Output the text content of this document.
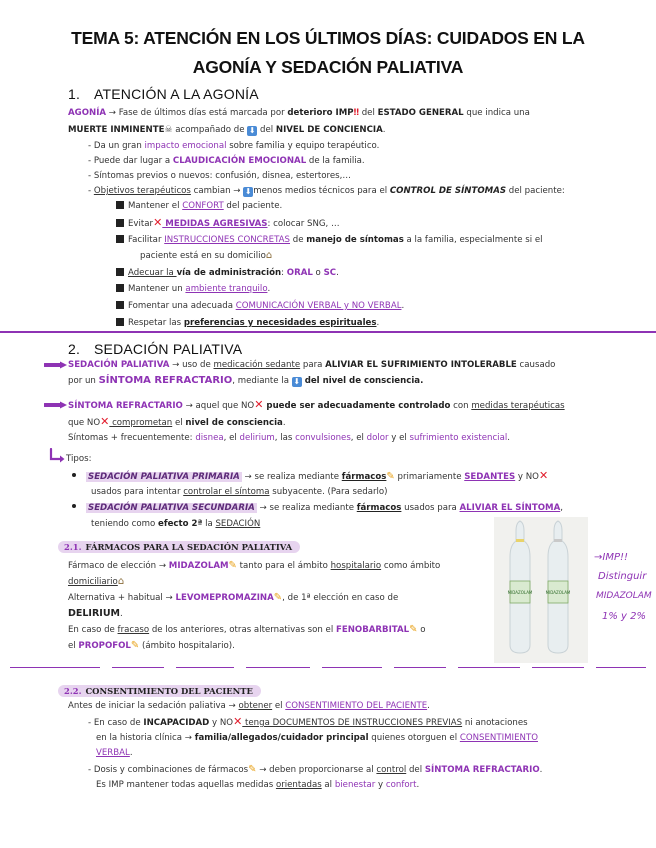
TEMA 5: ATENCIÓN EN LOS ÚLTIMOS DÍAS: CUIDADOS EN LA
AGONÍA Y SEDACIÓN PALIATIVA
1. ATENCIÓN A LA AGONÍA
AGONÍA → Fase de últimos días está marcada por deterioro IMP‼ del ESTADO GENERAL que indica una
MUERTE INMINENTE☠ acompañado de ⬇ del NIVEL DE CONCIENCIA.
- Da un gran impacto emocional sobre familia y equipo terapéutico.
- Puede dar lugar a CLAUDICACIÓN EMOCIONAL de la familia.
- Síntomas previos o nuevos: confusión, disnea, estertores,…
- Objetivos terapéuticos cambian → ⬇ menos medios técnicos para el CONTROL DE SÍNTOMAS del paciente:
Mantener el CONFORT del paciente.
Evitar✕ MEDIDAS AGRESIVAS: colocar SNG, …
Facilitar INSTRUCCIONES CONCRETAS de manejo de síntomas a la familia, especialmente si el
paciente está en su domicilio⌂
Adecuar la vía de administración: ORAL o SC.
Mantener un ambiente tranquilo.
Fomentar una adecuada COMUNICACIÓN VERBAL y NO VERBAL.
Respetar las preferencias y necesidades espirituales.
2. SEDACIÓN PALIATIVA
SEDACIÓN PALIATIVA → uso de medicación sedante para ALIVIAR EL SUFRIMIENTO INTOLERABLE causado
por un SÍNTOMA REFRACTARIO, mediante la ⬇ del nivel de consciencia.
SÍNTOMA REFRACTARIO → aquel que NO✕ puede ser adecuadamente controlado con medidas terapéuticas
que NO✕ comprometan el nivel de consciencia.
Síntomas + frecuentemente: disnea, el delirium, las convulsiones, el dolor y el sufrimiento existencial.
Tipos:
SEDACIÓN PALIATIVA PRIMARIA → se realiza mediante fármacos✎ primariamente SEDANTES y NO✕
usados para intentar controlar el síntoma subyacente. (Para sedarlo)
SEDACIÓN PALIATIVA SECUNDARIA → se realiza mediante fármacos usados para ALIVIAR EL SÍNTOMA,
teniendo como efecto 2ª la SEDACIÓN
2.1. FÁRMACOS PARA LA SEDACIÓN PALIATIVA
Fármaco de elección → MIDAZOLAM✎ tanto para el ámbito hospitalario como ámbito
domiciliario⌂
Alternativa + habitual → LEVOMEPROMAZINA✎, de 1ª elección en caso de
DELIRIUM.
En caso de fracaso de los anteriores, otras alternativas son el FENOBARBITAL✎ o
el PROPOFOL✎ (ámbito hospitalario).
MIDAZOLAM	MIDAZOLAM
→IMP!!
Distinguir
MIDAZOLAM
1% y 2%
2.2. CONSENTIMIENTO DEL PACIENTE
Antes de iniciar la sedación paliativa → obtener el CONSENTIMIENTO DEL PACIENTE.
- En caso de INCAPACIDAD y NO✕ tenga DOCUMENTOS DE INSTRUCCIONES PREVIAS ni anotaciones
en la historia clínica → familia/allegados/cuidador principal quienes otorguen el CONSENTIMIENTO
VERBAL.
- Dosis y combinaciones de fármacos✎ → deben proporcionarse al control del SÍNTOMA REFRACTARIO.
Es IMP mantener todas aquellas medidas orientadas al bienestar y confort.
